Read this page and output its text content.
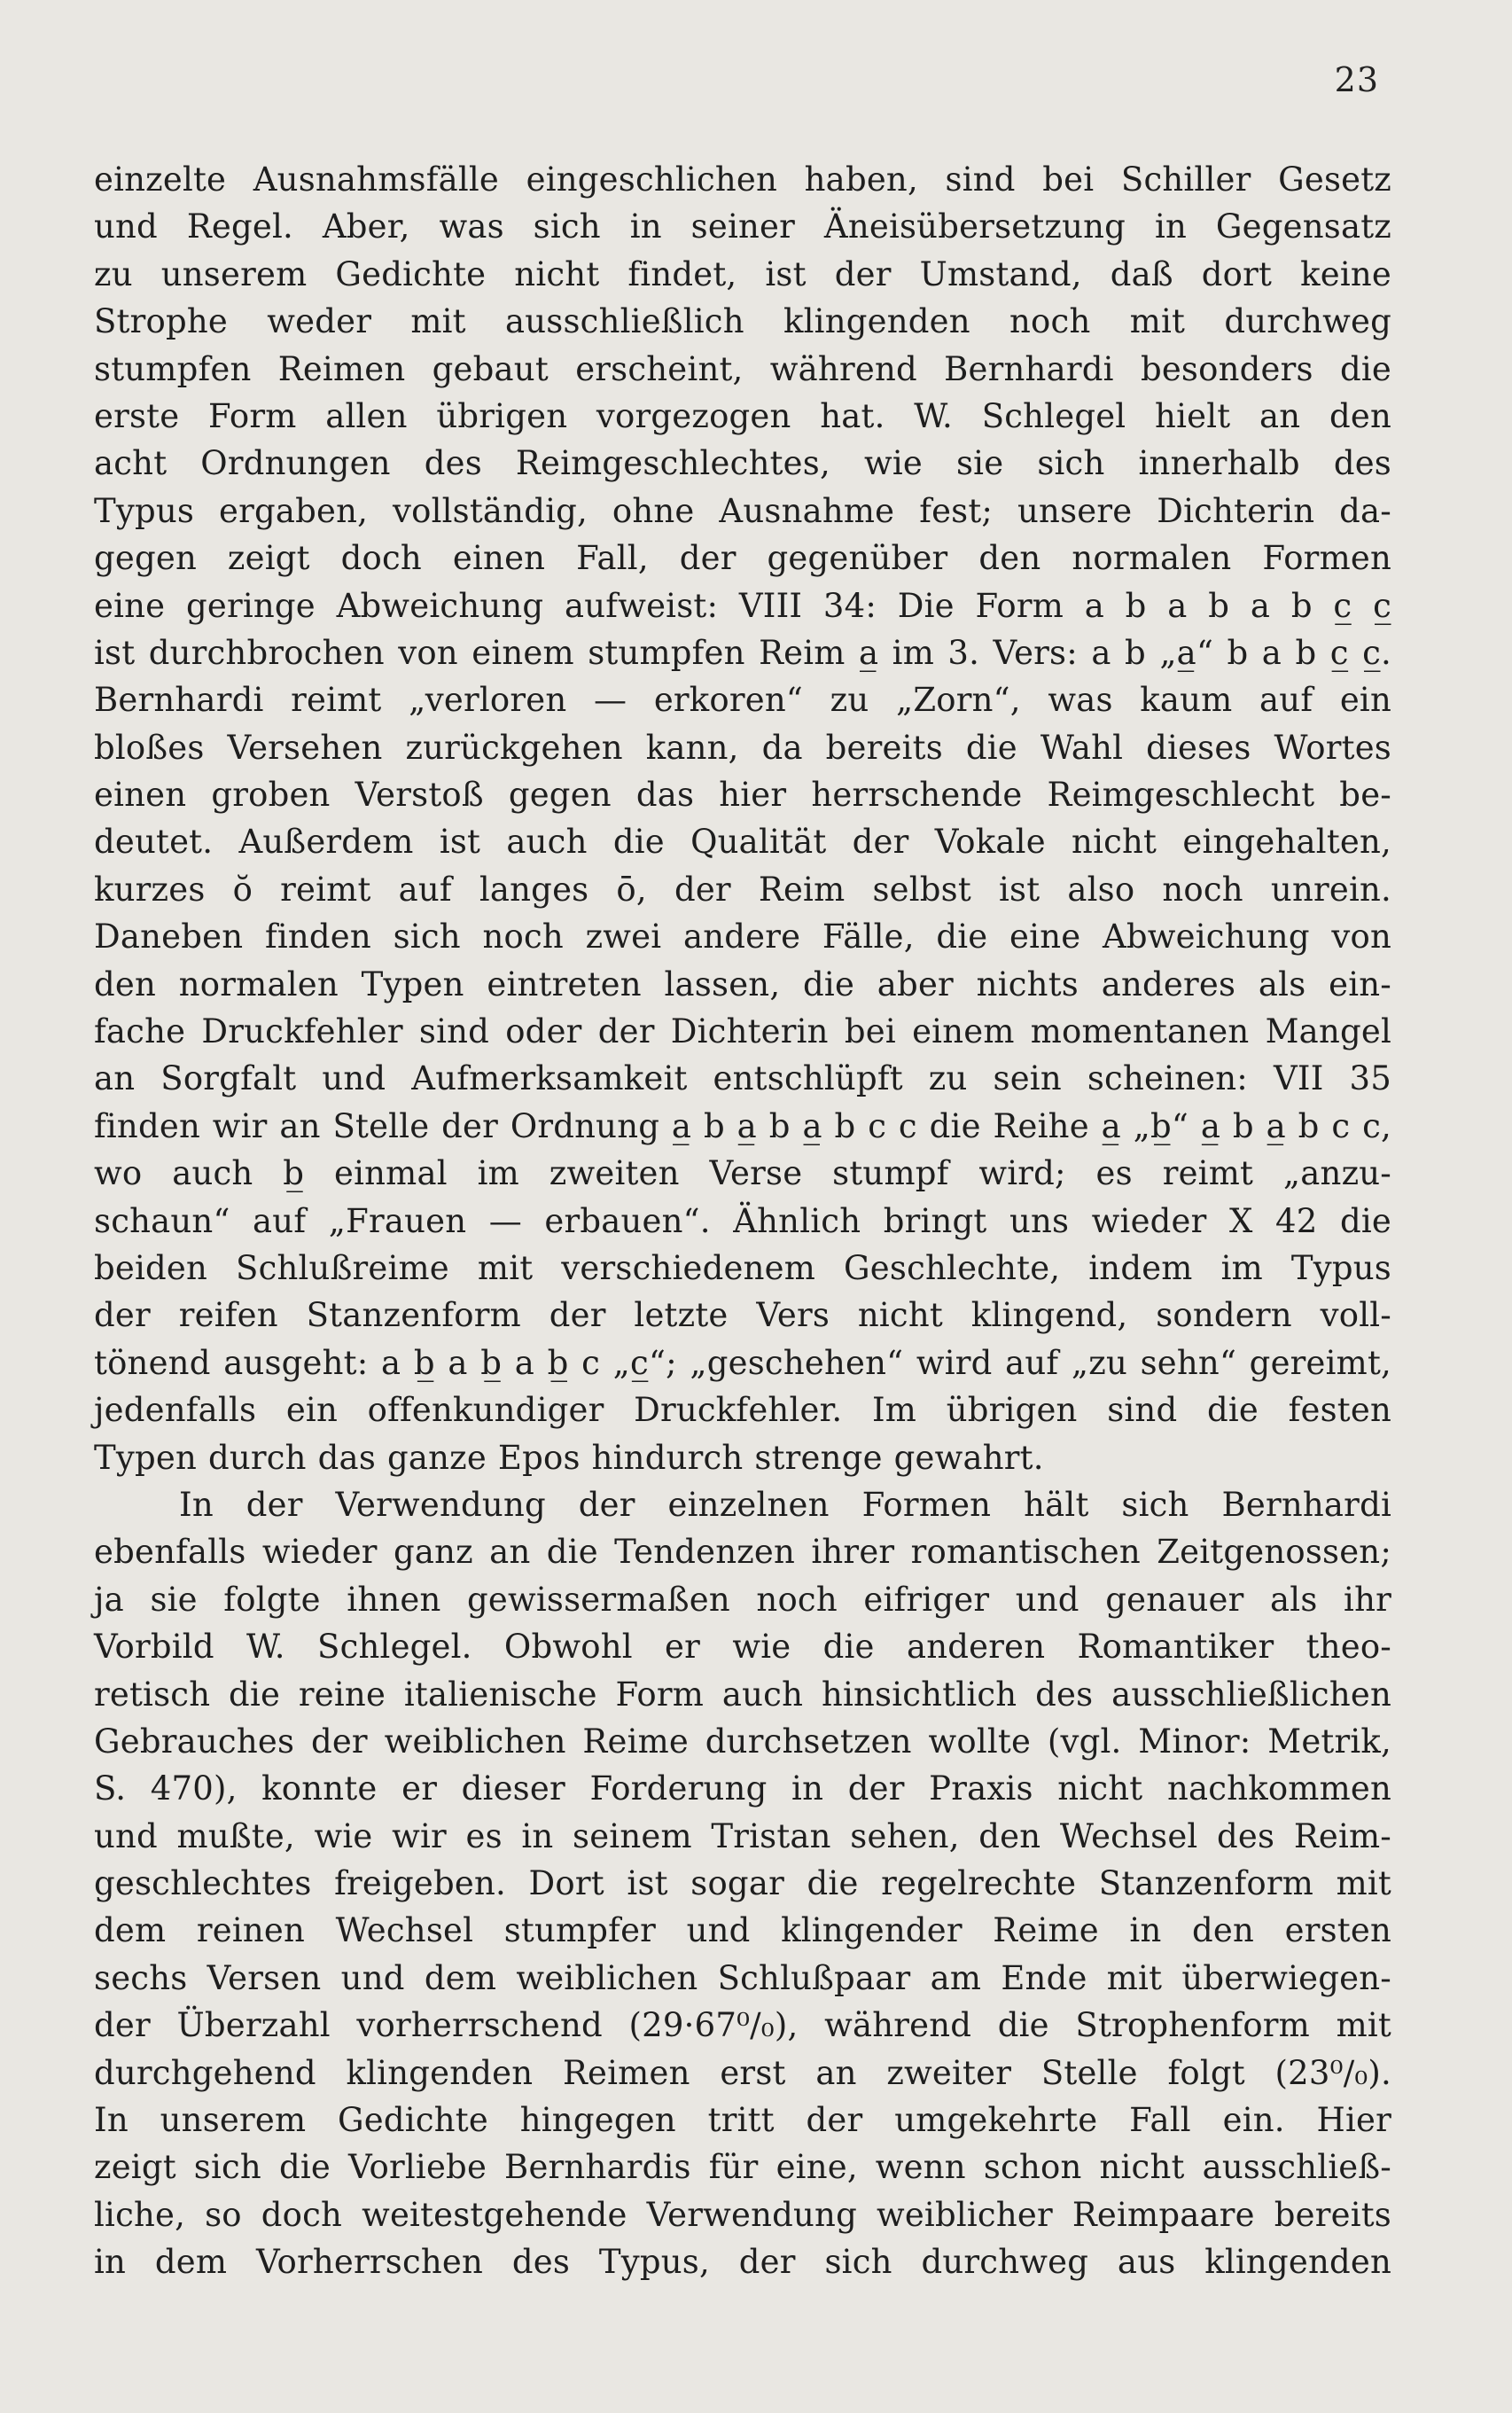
23
einzelte Ausnahmsfälle eingeschlichen haben, sind bei Schiller Gesetz
und Regel. Aber, was sich in seiner Äneisübersetzung in Gegensatz
zu unserem Gedichte nicht findet, ist der Umstand, daß dort keine
Strophe weder mit ausschließlich klingenden noch mit durchweg
stumpfen Reimen gebaut erscheint, während Bernhardi besonders die
erste Form allen übrigen vorgezogen hat. W. Schlegel hielt an den
acht Ordnungen des Reimgeschlechtes, wie sie sich innerhalb des
Typus ergaben, vollständig, ohne Ausnahme fest; unsere Dichterin da-
gegen zeigt doch einen Fall, der gegenüber den normalen Formen
eine geringe Abweichung aufweist: VIII 34: Die Form a b a b a b c̲ c̲
ist durchbrochen von einem stumpfen Reim a̲ im 3. Vers: a b „a̲“ b a b c̲ c̲.
Bernhardi reimt „verloren — erkoren“ zu „Zorn“, was kaum auf ein
bloßes Versehen zurückgehen kann, da bereits die Wahl dieses Wortes
einen groben Verstoß gegen das hier herrschende Reimgeschlecht be-
deutet. Außerdem ist auch die Qualität der Vokale nicht eingehalten,
kurzes ŏ reimt auf langes ō, der Reim selbst ist also noch unrein.
Daneben finden sich noch zwei andere Fälle, die eine Abweichung von
den normalen Typen eintreten lassen, die aber nichts anderes als ein-
fache Druckfehler sind oder der Dichterin bei einem momentanen Mangel
an Sorgfalt und Aufmerksamkeit entschlüpft zu sein scheinen: VII 35
finden wir an Stelle der Ordnung a̲ b a̲ b a̲ b c c die Reihe a̲ „b̲“ a̲ b a̲ b c c,
wo auch b̲ einmal im zweiten Verse stumpf wird; es reimt „anzu-
schaun“ auf „Frauen — erbauen“. Ähnlich bringt uns wieder X 42 die
beiden Schlußreime mit verschiedenem Geschlechte, indem im Typus
der reifen Stanzenform der letzte Vers nicht klingend, sondern voll-
tönend ausgeht: a b̲ a b̲ a b̲ c „c̲“; „geschehen“ wird auf „zu sehn“ gereimt,
jedenfalls ein offenkundiger Druckfehler. Im übrigen sind die festen
Typen durch das ganze Epos hindurch strenge gewahrt.
In der Verwendung der einzelnen Formen hält sich Bernhardi
ebenfalls wieder ganz an die Tendenzen ihrer romantischen Zeitgenossen;
ja sie folgte ihnen gewissermaßen noch eifriger und genauer als ihr
Vorbild W. Schlegel. Obwohl er wie die anderen Romantiker theo-
retisch die reine italienische Form auch hinsichtlich des ausschließlichen
Gebrauches der weiblichen Reime durchsetzen wollte (vgl. Minor: Metrik,
S. 470), konnte er dieser Forderung in der Praxis nicht nachkommen
und mußte, wie wir es in seinem Tristan sehen, den Wechsel des Reim-
geschlechtes freigeben. Dort ist sogar die regelrechte Stanzenform mit
dem reinen Wechsel stumpfer und klingender Reime in den ersten
sechs Versen und dem weiblichen Schlußpaar am Ende mit überwiegen-
der Überzahl vorherrschend (29·67⁰/₀), während die Strophenform mit
durchgehend klingenden Reimen erst an zweiter Stelle folgt (23⁰/₀).
In unserem Gedichte hingegen tritt der umgekehrte Fall ein. Hier
zeigt sich die Vorliebe Bernhardis für eine, wenn schon nicht ausschließ-
liche, so doch weitestgehende Verwendung weiblicher Reimpaare bereits
in dem Vorherrschen des Typus, der sich durchweg aus klingenden
